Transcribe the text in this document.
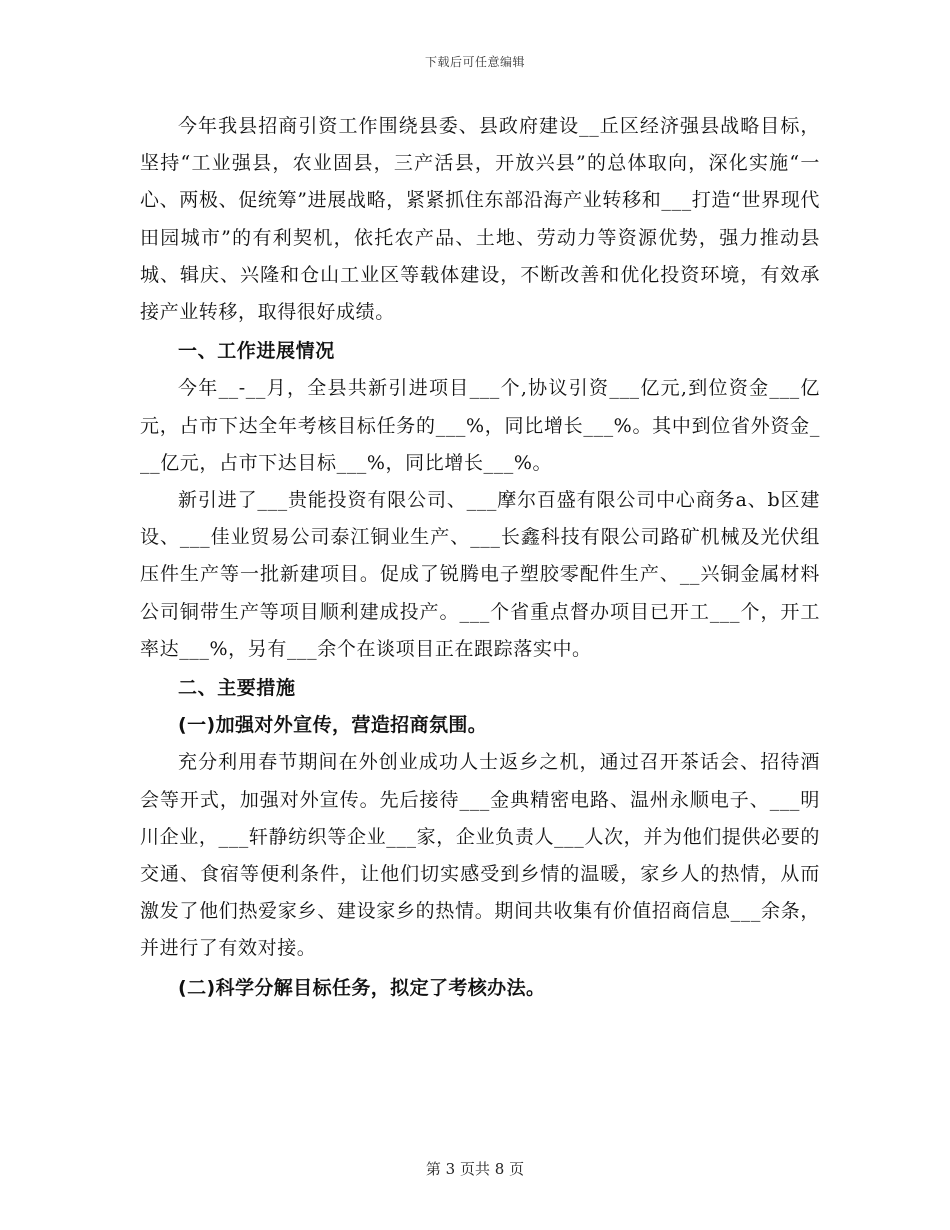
下载后可任意编辑

今年我县招商引资工作围绕县委、县政府建设__丘区经济强县战略目标，坚持“工业强县，农业固县，三产活县，开放兴县”的总体取向，深化实施“一心、两极、促统筹”进展战略，紧紧抓住东部沿海产业转移和___打造“世界现代田园城市”的有利契机，依托农产品、土地、劳动力等资源优势，强力推动县城、辑庆、兴隆和仓山工业区等载体建设，不断改善和优化投资环境，有效承接产业转移，取得很好成绩。

一、工作进展情况

今年__-__月，全县共新引进项目___个,协议引资___亿元,到位资金___亿元，占市下达全年考核目标任务的___%，同比增长___%。其中到位省外资金___亿元，占市下达目标___%，同比增长___%。

新引进了___贵能投资有限公司、___摩尔百盛有限公司中心商务a、b区建设、___佳业贸易公司泰江铜业生产、___长鑫科技有限公司路矿机械及光伏组压件生产等一批新建项目。促成了锐腾电子塑胶零配件生产、__兴铜金属材料公司铜带生产等项目顺利建成投产。___个省重点督办项目已开工___个，开工率达___%，另有___余个在谈项目正在跟踪落实中。

二、主要措施

(一)加强对外宣传，营造招商氛围。

充分利用春节期间在外创业成功人士返乡之机，通过召开茶话会、招待酒会等开式，加强对外宣传。先后接待___金典精密电路、温州永顺电子、___明川企业，___轩静纺织等企业___家，企业负责人___人次，并为他们提供必要的交通、食宿等便利条件，让他们切实感受到乡情的温暖，家乡人的热情，从而激发了他们热爱家乡、建设家乡的热情。期间共收集有价值招商信息___余条，并进行了有效对接。

(二)科学分解目标任务，拟定了考核办法。

第 3 页共 8 页
